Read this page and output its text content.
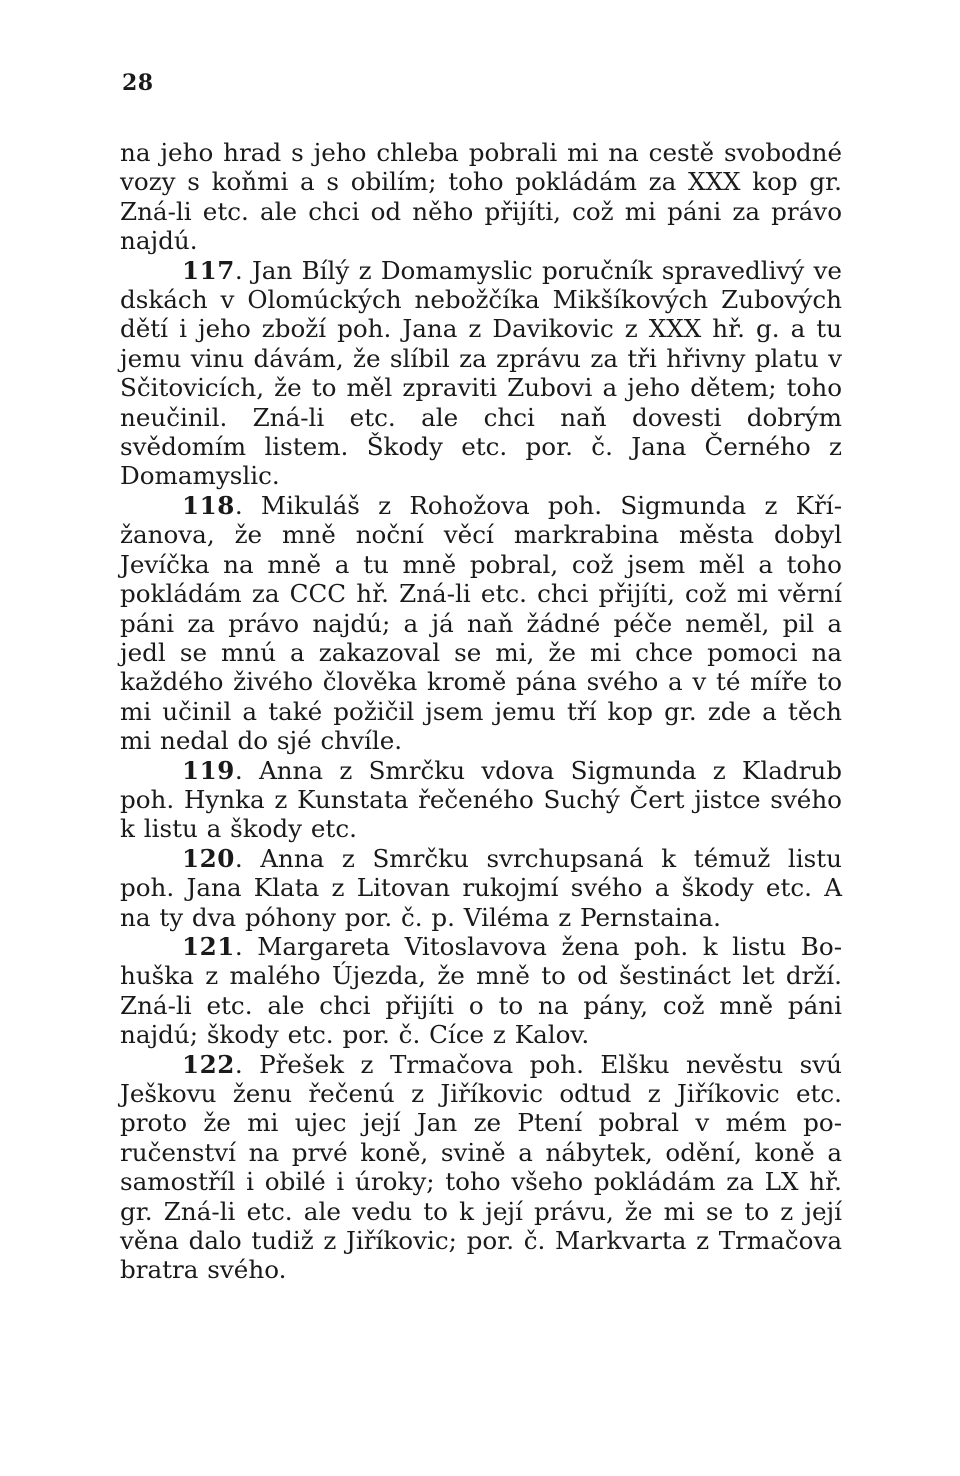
28

na jeho hrad s jeho chleba pobrali mi na cestě svobodné vozy s koňmi a s obilím; toho pokládám za XXX kop gr. Zná-li etc. ale chci od něho přijíti, což mi páni za právo najdú.

117. Jan Bílý z Domamyslic poručník spravedlivý ve dskách v Olomúckých nebožčíka Mikšíkových Zubových dětí i jeho zboží poh. Jana z Davikovic z XXX hř. g. a tu jemu vinu dávám, že slíbil za zprávu za tři hřivny platu v Sčitovicích, že to měl zpraviti Zubovi a jeho dětem; toho neučinil. Zná-li etc. ale chci naň dovesti dobrým svědomím listem. Škody etc. por. č. Jana Černého z Domamyslic.

118. Mikuláš z Rohožova poh. Sigmunda z Křížanova, že mně noční věcí markrabina města dobyl Jevíčka na mně a tu mně pobral, což jsem měl a toho pokládám za CCC hř. Zná-li etc. chci přijíti, což mi věrní páni za právo najdú; a já naň žádné péče neměl, pil a jedl se mnú a zakazoval se mi, že mi chce pomoci na každého živého člověka kromě pána svého a v té míře to mi učinil a také požičil jsem jemu tří kop gr. zde a těch mi nedal do sjé chvíle.

119. Anna z Smrčku vdova Sigmunda z Kladrub poh. Hynka z Kunstata řečeného Suchý Čert jistce svého k listu a škody etc.

120. Anna z Smrčku svrchupsaná k témuž listu poh. Jana Klata z Litovan rukojmí svého a škody etc. A na ty dva póhony por. č. p. Viléma z Pernstaina.

121. Margareta Vitoslavova žena poh. k listu Bohuška z malého Újezda, že mně to od šestináct let drží. Zná-li etc. ale chci přijíti o to na pány, což mně páni najdú; škody etc. por. č. Cíce z Kalov.

122. Přešek z Trmačova poh. Elšku nevěstu svú Ješkovu ženu řečenú z Jiříkovic odtud z Jiříkovic etc. proto že mi ujec její Jan ze Ptení pobral v mém poručenství na prvé koně, svině a nábytek, odění, koně a samostříl i obilé i úroky; toho všeho pokládám za LX hř. gr. Zná-li etc. ale vedu to k její právu, že mi se to z její věna dalo tudiž z Jiříkovic; por. č. Markvarta z Trmačova bratra svého.
